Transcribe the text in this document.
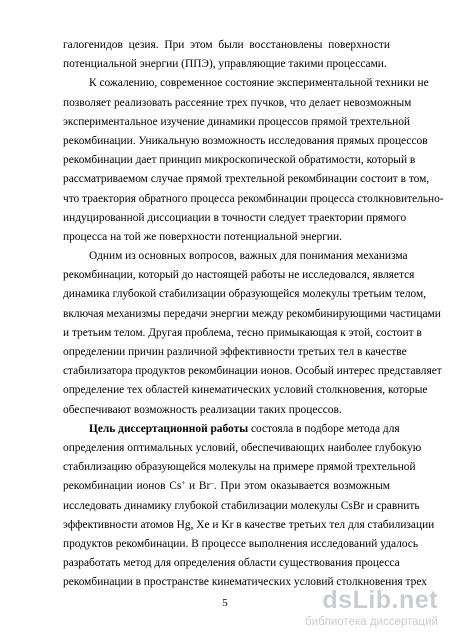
галогенидов цезия. При этом были восстановлены поверхности
потенциальной энергии (ППЭ), управляющие такими процессами.
К сожалению, современное состояние экспериментальной техники не
позволяет реализовать рассеяние трех пучков, что делает невозможным
экспериментальное изучение динамики процессов прямой трехтельной
рекомбинации. Уникальную возможность исследования прямых процессов
рекомбинации дает принцип микроскопической обратимости, который в
рассматриваемом случае прямой трехтельной рекомбинации состоит в том,
что траектория обратного процесса рекомбинации процесса столкновительно-
индуцированной диссоциации в точности следует траектории прямого
процесса на той же поверхности потенциальной энергии.
Одним из основных вопросов, важных для понимания механизма
рекомбинации, который до настоящей работы не исследовался, является
динамика глубокой стабилизации образующейся молекулы третьим телом,
включая механизмы передачи энергии между рекомбинирующими частицами
и третьим телом. Другая проблема, тесно примыкающая к этой, состоит в
определении причин различной эффективности третьих тел в качестве
стабилизатора продуктов рекомбинации ионов. Особый интерес представляет
определение тех областей кинематических условий столкновения, которые
обеспечивают возможность реализации таких процессов.
Цель диссертационной работы состояла в подборе метода для
определения оптимальных условий, обеспечивающих наиболее глубокую
стабилизацию образующейся молекулы на примере прямой трехтельной
рекомбинации ионов Cs+ и Br–. При этом оказывается возможным
исследовать динамику глубокой стабилизации молекулы CsBr и сравнить
эффективности атомов Hg, Xe и Kr в качестве третьих тел для стабилизации
продуктов рекомбинации. В процессе выполнения исследований удалось
разработать метод для определения области существования процесса
рекомбинации в пространстве кинематических условий столкновения трех
5	dsLib.net
библиотека диссертаций
